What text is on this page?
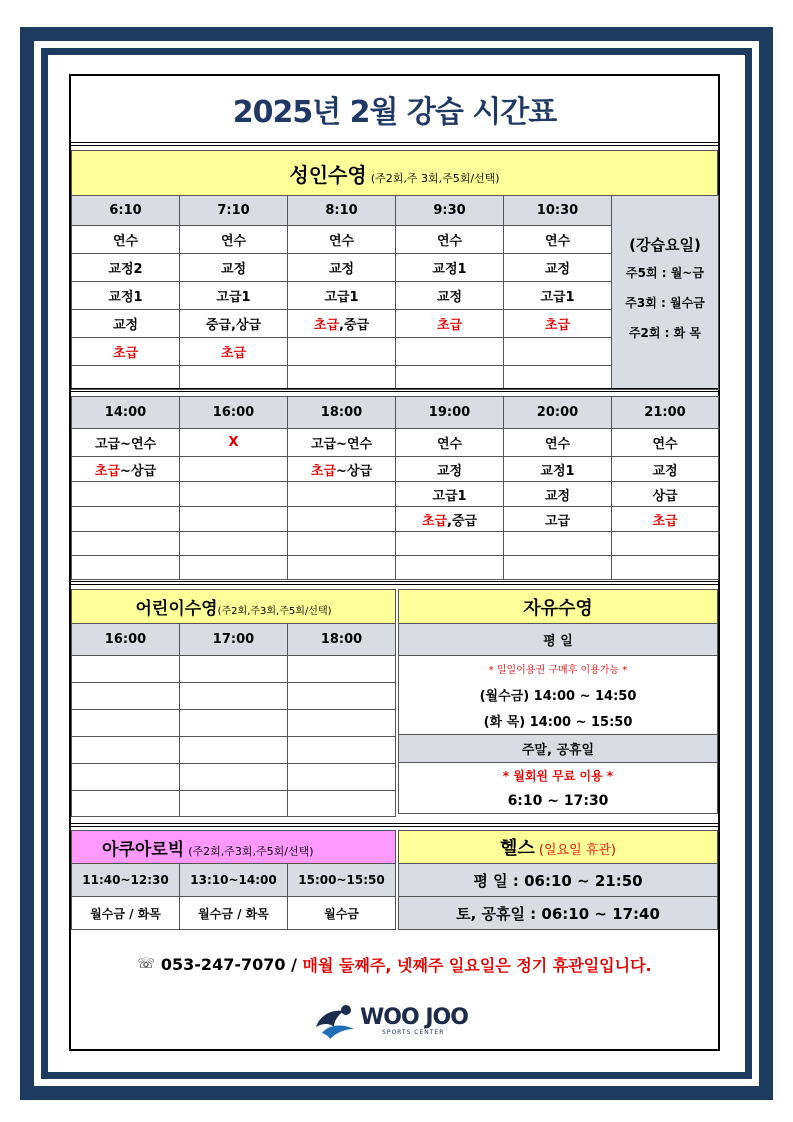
2025년 2월 강습 시간표
성인수영 (주2회,주 3회,주5회/선택)
6:10	7:10	8:10	9:30	10:30	(강습요일)
주5회 : 월~금
주3회 : 월수금
주2회 : 화 목

연수	연수	연수	연수	연수	
교정2	교정	교정	교정1	교정	
교정1	고급1	고급1	교정	고급1	
교정	중급,상급	초급,중급	초급	초급	
초급	초급				

14:00	16:00	18:00	19:00	20:00	21:00
고급~연수	X	고급~연수	연수	연수	연수
초급~상급		초급~상급	교정	교정1	교정
			고급1	교정	상급
			초급,중급	고급	초급

어린이수영(주2회,주3회,주5회/선택)		
16:00	17:00	18:00

자유수영
평 일
* 일일이용권 구매후 이용가능 *
(월수금) 14:00 ~ 14:50
(화 목) 14:00 ~ 15:50
주말, 공휴일
* 월회원 무료 이용 *
6:10 ~ 17:30
아쿠아로빅 (주2회,주3회,주5회/선택)		
11:40~12:30	13:10~14:00	15:00~15:50
월수금 / 화목	월수금 / 화목	월수금
헬스 (일요일 휴관)
평 일 : 06:10 ~ 21:50
토, 공휴일 : 06:10 ~ 17:40
☏ 053-247-7070 / 매월 둘째주, 넷째주 일요일은 정기 휴관일입니다.
WOO JOO
SPORTS CENTER
